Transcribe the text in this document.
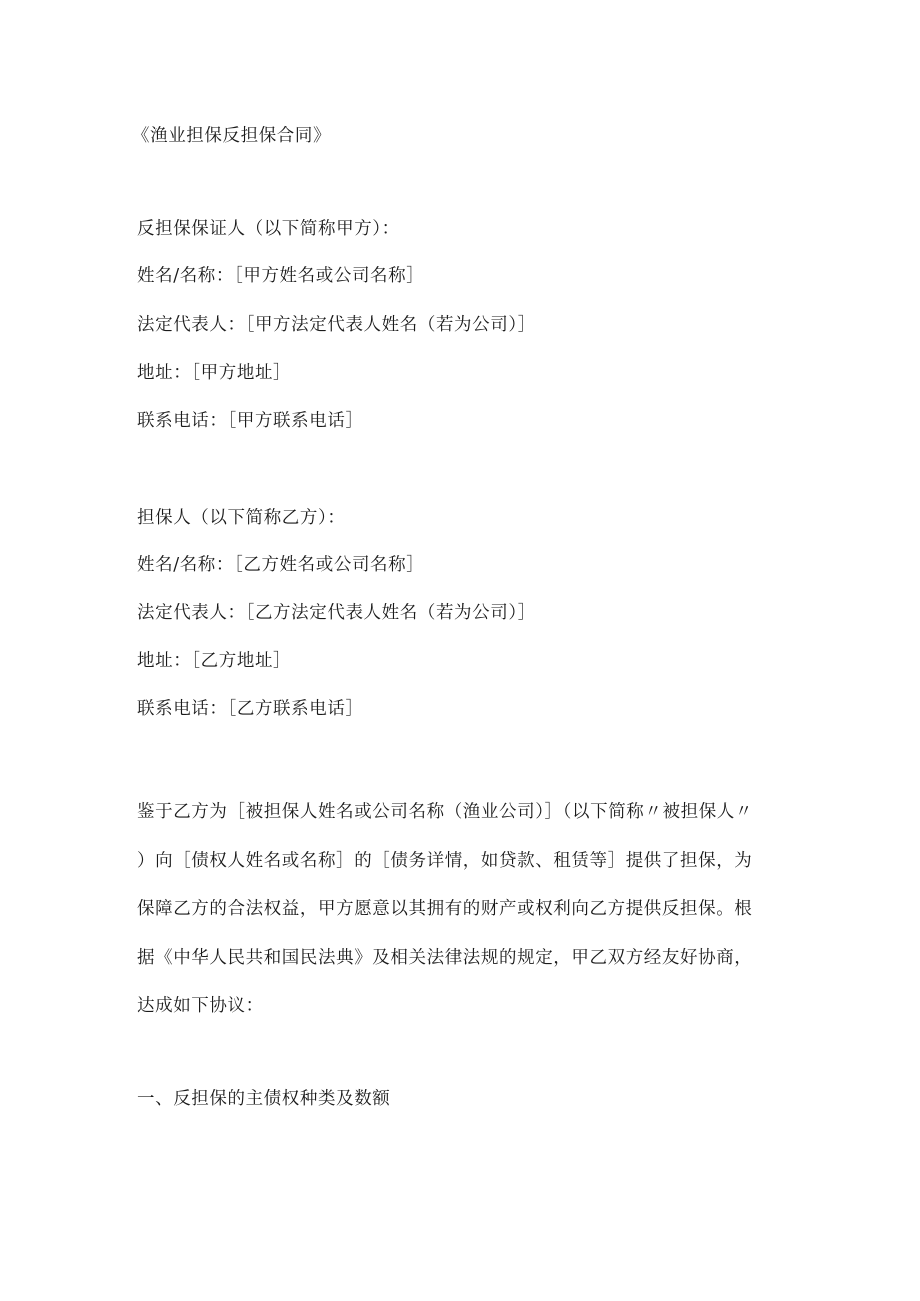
《渔业担保反担保合同》
反担保保证人（以下简称甲方）：
姓名/名称：［甲方姓名或公司名称］
法定代表人：［甲方法定代表人姓名（若为公司）］
地址：［甲方地址］
联系电话：［甲方联系电话］
担保人（以下简称乙方）：
姓名/名称：［乙方姓名或公司名称］
法定代表人：［乙方法定代表人姓名（若为公司）］
地址：［乙方地址］
联系电话：［乙方联系电话］
鉴于乙方为［被担保人姓名或公司名称（渔业公司）］（以下简称〃被担保人〃
）向［债权人姓名或名称］的［债务详情，如贷款、租赁等］提供了担保，为
保障乙方的合法权益，甲方愿意以其拥有的财产或权利向乙方提供反担保。根
据《中华人民共和国民法典》及相关法律法规的规定，甲乙双方经友好协商，
达成如下协议：
一、反担保的主债权种类及数额
